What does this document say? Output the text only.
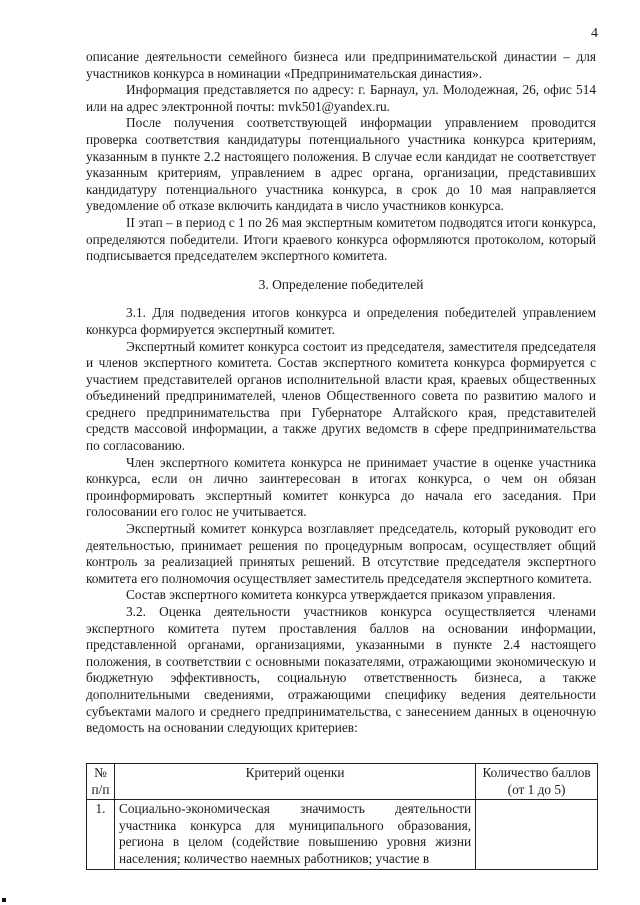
4

описание деятельности семейного бизнеса или предпринимательской династии – для участников конкурса в номинации «Предпринимательская династия».

Информация представляется по адресу: г. Барнаул, ул. Молодежная, 26, офис 514 или на адрес электронной почты: mvk501@yandex.ru.

После получения соответствующей информации управлением проводится проверка соответствия кандидатуры потенциального участника конкурса критериям, указанным в пункте 2.2 настоящего положения. В случае если кандидат не соответствует указанным критериям, управлением в адрес органа, организации, представивших кандидатуру потенциального участника конкурса, в срок до 10 мая направляется уведомление об отказе включить кандидата в число участников конкурса.

II этап – в период с 1 по 26 мая экспертным комитетом подводятся итоги конкурса, определяются победители. Итоги краевого конкурса оформляются протоколом, который подписывается председателем экспертного комитета.

3. Определение победителей

3.1. Для подведения итогов конкурса и определения победителей управлением конкурса формируется экспертный комитет.

Экспертный комитет конкурса состоит из председателя, заместителя председателя и членов экспертного комитета. Состав экспертного комитета конкурса формируется с участием представителей органов исполнительной власти края, краевых общественных объединений предпринимателей, членов Общественного совета по развитию малого и среднего предпринимательства при Губернаторе Алтайского края, представителей средств массовой информации, а также других ведомств в сфере предпринимательства по согласованию.

Член экспертного комитета конкурса не принимает участие в оценке участника конкурса, если он лично заинтересован в итогах конкурса, о чем он обязан проинформировать экспертный комитет конкурса до начала его заседания. При голосовании его голос не учитывается.

Экспертный комитет конкурса возглавляет председатель, который руководит его деятельностью, принимает решения по процедурным вопросам, осуществляет общий контроль за реализацией принятых решений. В отсутствие председателя экспертного комитета его полномочия осуществляет заместитель председателя экспертного комитета.

Состав экспертного комитета конкурса утверждается приказом управления.

3.2. Оценка деятельности участников конкурса осуществляется членами экспертного комитета путем проставления баллов на основании информации, представленной органами, организациями, указанными в пункте 2.4 настоящего положения, в соответствии с основными показателями, отражающими экономическую и бюджетную эффективность, социальную ответственность бизнеса, а также дополнительными сведениями, отражающими специфику ведения деятельности субъектами малого и среднего предпринимательства, с занесением данных в оценочную ведомость на основании следующих критериев:

№ п/п	Критерий оценки	Количество баллов (от 1 до 5)
1.	Социально-экономическая значимость деятельности участника конкурса для муниципального образования, региона в целом (содействие повышению уровня жизни населения; количество наемных работников; участие в	
